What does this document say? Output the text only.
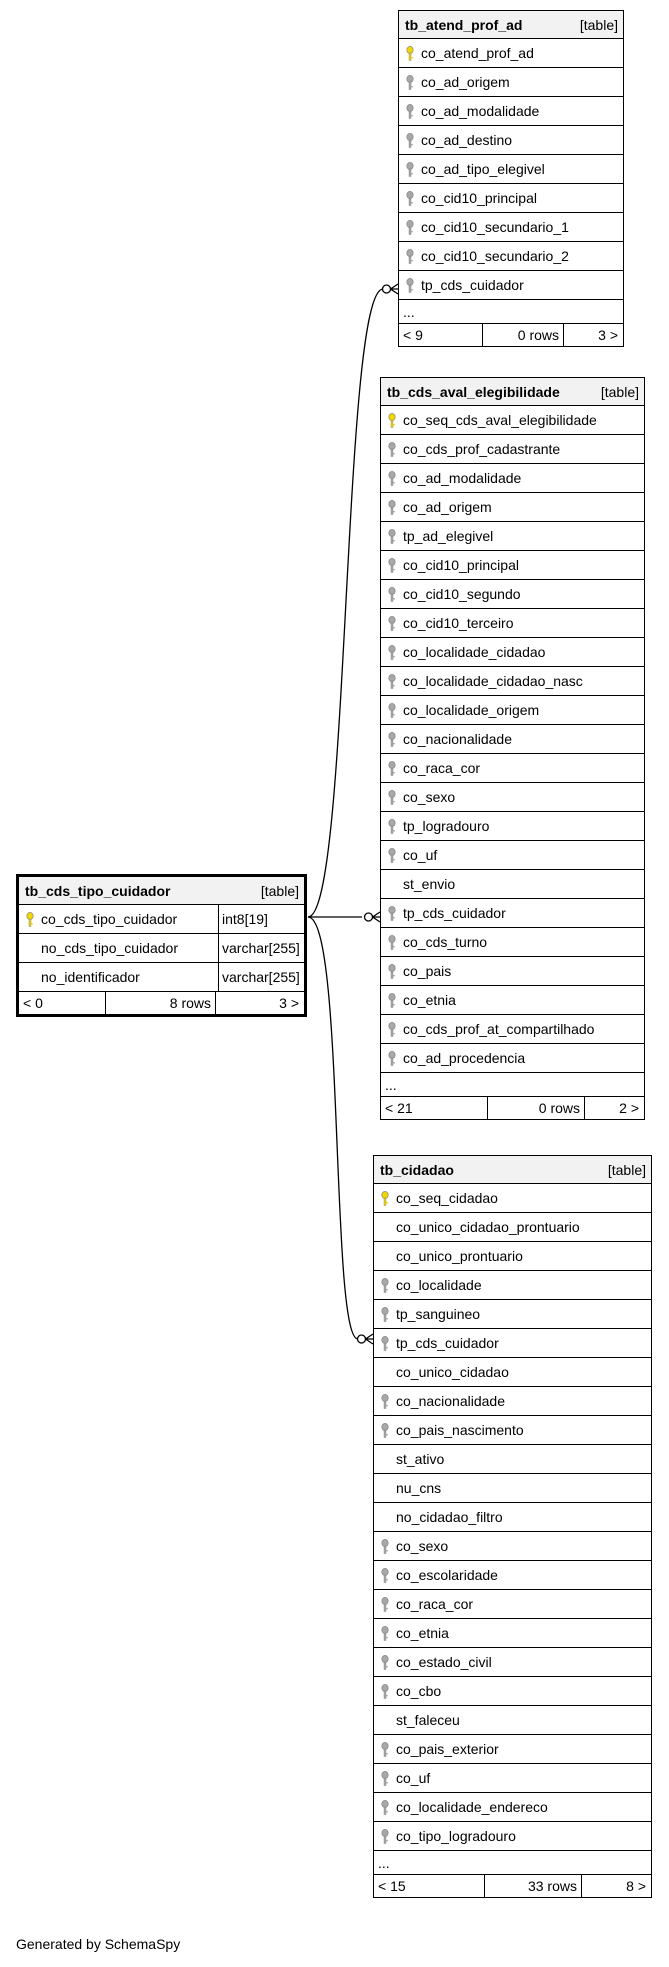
tb_atend_prof_ad	[table]
co_atend_prof_ad
co_ad_origem
co_ad_modalidade
co_ad_destino
co_ad_tipo_elegivel
co_cid10_principal
co_cid10_secundario_1
co_cid10_secundario_2
tp_cds_cuidador
...
< 9	0 rows	3 >
tb_cds_aval_elegibilidade	[table]
co_seq_cds_aval_elegibilidade
co_cds_prof_cadastrante
co_ad_modalidade
co_ad_origem
tp_ad_elegivel
co_cid10_principal
co_cid10_segundo
co_cid10_terceiro
co_localidade_cidadao
co_localidade_cidadao_nasc
co_localidade_origem
co_nacionalidade
co_raca_cor
co_sexo
tp_logradouro
co_uf
st_envio
tp_cds_cuidador
co_cds_turno
co_pais
co_etnia
co_cds_prof_at_compartilhado
co_ad_procedencia
...
< 21	0 rows	2 >
tb_cds_tipo_cuidador	[table]
co_cds_tipo_cuidador	int8[19]
no_cds_tipo_cuidador	varchar[255]
no_identificador	varchar[255]
< 0	8 rows	3 >
tb_cidadao	[table]
co_seq_cidadao
co_unico_cidadao_prontuario
co_unico_prontuario
co_localidade
tp_sanguineo
tp_cds_cuidador
co_unico_cidadao
co_nacionalidade
co_pais_nascimento
st_ativo
nu_cns
no_cidadao_filtro
co_sexo
co_escolaridade
co_raca_cor
co_etnia
co_estado_civil
co_cbo
st_faleceu
co_pais_exterior
co_uf
co_localidade_endereco
co_tipo_logradouro
...
< 15	33 rows	8 >
Generated by SchemaSpy
